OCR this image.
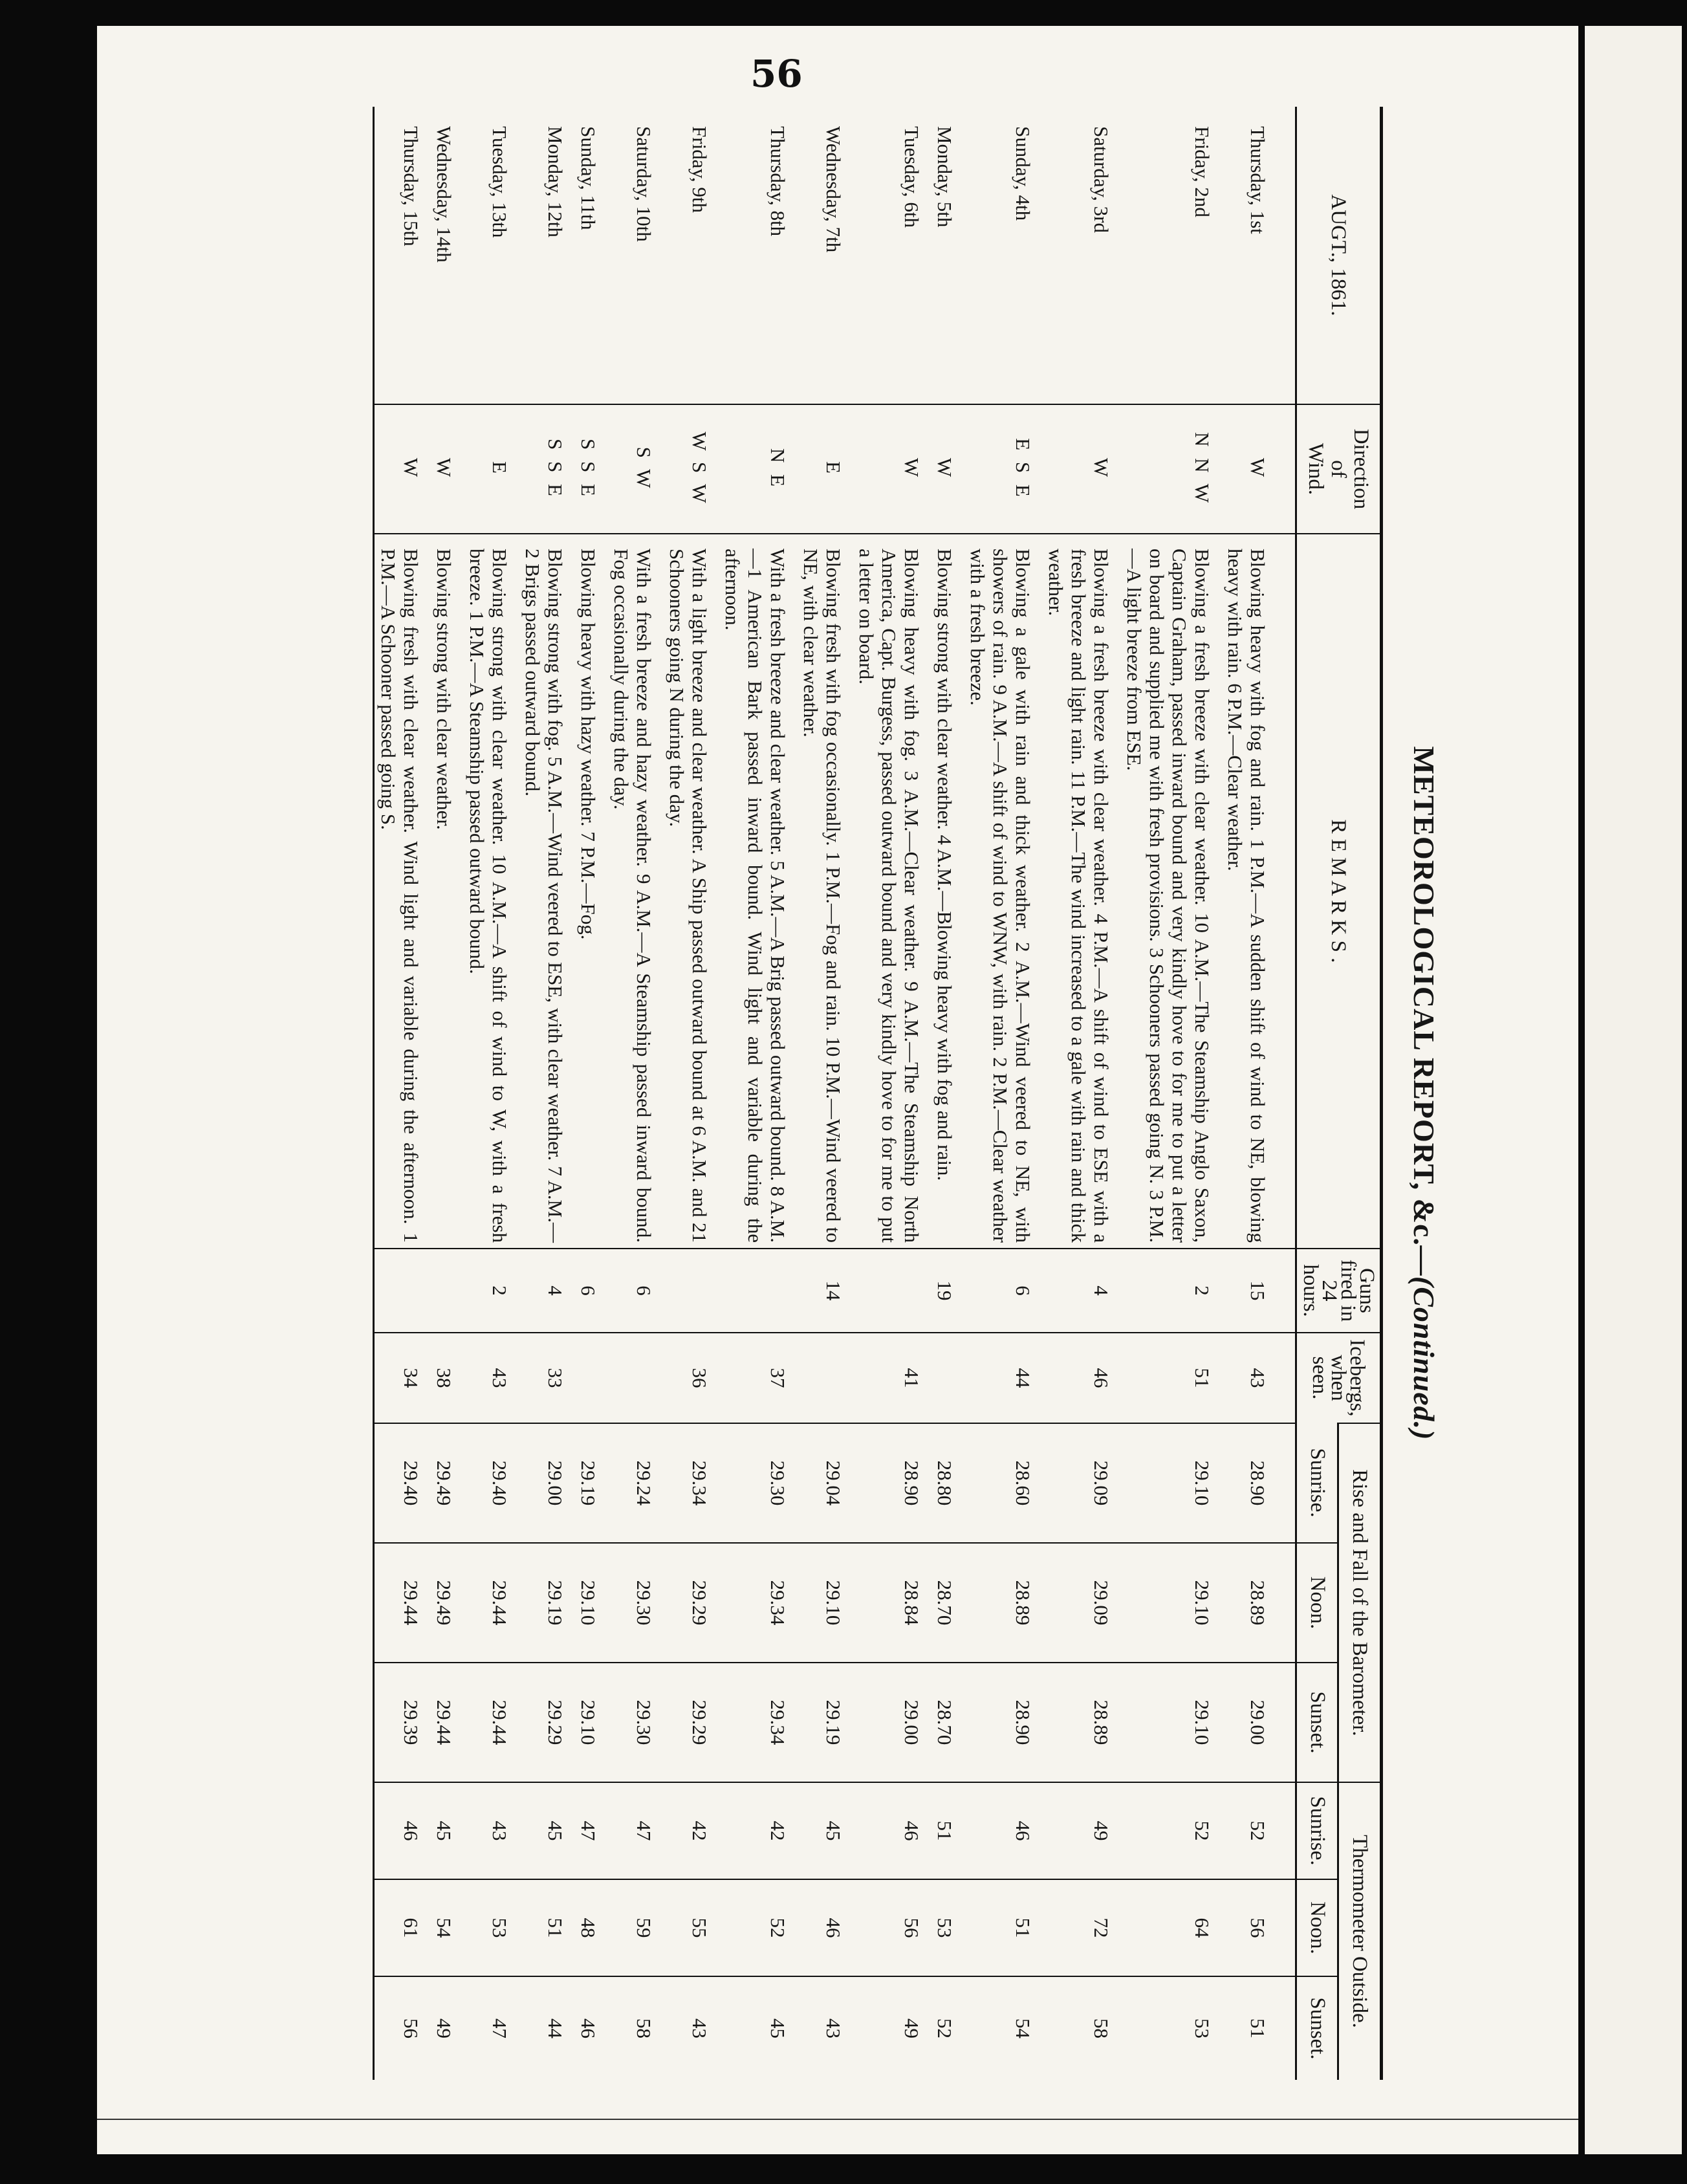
56
METEOROLOGICAL REPORT, &c.—(Continued.)
AUGT., 1861.	Direction
of
Wind.	R E M A R K S .	Guns fired in 24 hours.	Icebergs, when seen.	Rise and Fall of the Barometer.			Thermometer Outside.		
					Sunrise.	Noon.	Sunset.	Sunrise.	Noon.	Sunset.

Thursday, 1st	W	Blowing heavy with fog and rain. 1 P.M.—A sudden shift of wind to NE, blowing heavy with rain. 6 P.M.—Clear weather.	15	43	28.90	28.89	29.00	52	56	51
Friday, 2nd	N N W	Blowing a fresh breeze with clear weather. 10 A.M.—The Steamship Anglo Saxon, Captain Graham, passed inward bound and very kindly hove to for me to put a letter on board and supplied me with fresh provisions. 3 Schooners passed going N. 3 P.M.—A light breeze from ESE.	2	51	29.10	29.10	29.10	52	64	53
Saturday, 3rd	W	Blowing a fresh breeze with clear weather. 4 P.M.—A shift of wind to ESE with a fresh breeze and light rain. 11 P.M.—The wind increased to a gale with rain and thick weather.	4	46	29.09	29.09	28.89	49	72	58
Sunday, 4th	E S E	Blowing a gale with rain and thick weather. 2 A.M.—Wind veered to NE, with showers of rain. 9 A.M.—A shift of wind to WNW, with rain. 2 P.M.—Clear weather with a fresh breeze.	6	44	28.60	28.89	28.90	46	51	54
Monday, 5th	W	Blowing strong with clear weather. 4 A.M.—Blowing heavy with fog and rain.	19		28.80	28.70	28.70	51	53	52
Tuesday, 6th	W	Blowing heavy with fog. 3 A.M.—Clear weather. 9 A.M.—The Steamship North America, Capt. Burgess, passed outward bound and very kindly hove to for me to put a letter on board.		41	28.90	28.84	29.00	46	56	49
Wednesday, 7th	E	Blowing fresh with fog occasionally. 1 P.M.—Fog and rain. 10 P.M.—Wind veered to NE, with clear weather.	14		29.04	29.10	29.19	45	46	43
Thursday, 8th	N E	With a fresh breeze and clear weather. 5 A.M.—A Brig passed outward bound. 8 A.M.—1 American Bark passed inward bound. Wind light and variable during the afternoon.		37	29.30	29.34	29.34	42	52	45
Friday, 9th	W S W	With a light breeze and clear weather. A Ship passed outward bound at 6 A.M. and 21 Schooners going N during the day.		36	29.34	29.29	29.29	42	55	43
Saturday, 10th	S W	With a fresh breeze and hazy weather. 9 A.M.—A Steamship passed inward bound. Fog occasionally during the day.	6		29.24	29.30	29.30	47	59	58
Sunday, 11th	S S E	Blowing heavy with hazy weather. 7 P.M.—Fog.	6		29.19	29.10	29.10	47	48	46
Monday, 12th	S S E	Blowing strong with fog. 5 A.M.—Wind veered to ESE, with clear weather. 7 A.M.—2 Brigs passed outward bound.	4	33	29.00	29.19	29.29	45	51	44
Tuesday, 13th	E	Blowing strong with clear weather. 10 A.M.—A shift of wind to W, with a fresh breeze. 1 P.M.—A Steamship passed outward bound.	2	43	29.40	29.44	29.44	43	53	47
Wednesday, 14th	W	Blowing strong with clear weather.		38	29.49	29.49	29.44	45	54	49
Thursday, 15th	W	Blowing fresh with clear weather. Wind light and variable during the afternoon. 1 P.M.—A Schooner passed going S.		34	29.40	29.44	29.39	46	61	56
